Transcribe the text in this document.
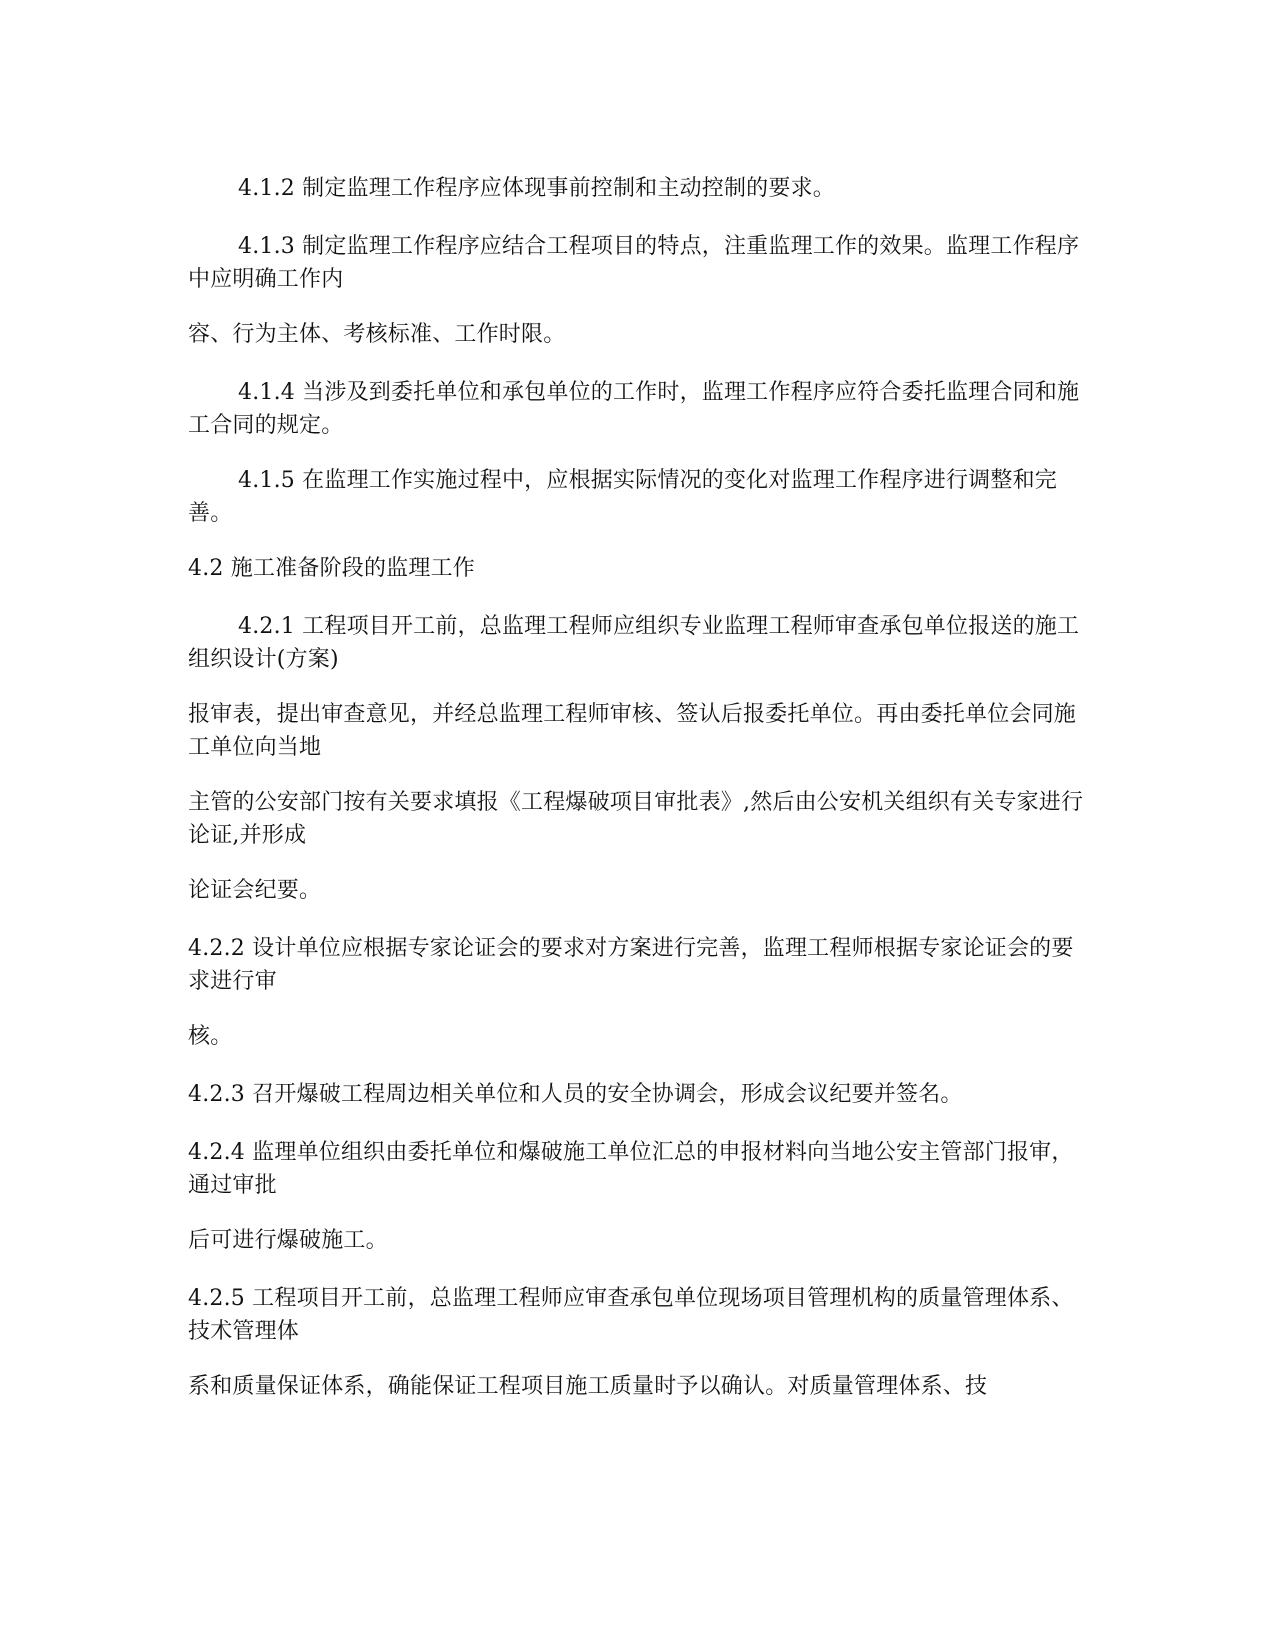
4.1.2 制定监理工作程序应体现事前控制和主动控制的要求。

4.1.3 制定监理工作程序应结合工程项目的特点，注重监理工作的效果。监理工作程序中应明确工作内

容、行为主体、考核标准、工作时限。

4.1.4 当涉及到委托单位和承包单位的工作时，监理工作程序应符合委托监理合同和施工合同的规定。

4.1.5 在监理工作实施过程中，应根据实际情况的变化对监理工作程序进行调整和完善。

4.2 施工准备阶段的监理工作

4.2.1 工程项目开工前，总监理工程师应组织专业监理工程师审查承包单位报送的施工组织设计(方案)

报审表，提出审查意见，并经总监理工程师审核、签认后报委托单位。再由委托单位会同施工单位向当地

主管的公安部门按有关要求填报《工程爆破项目审批表》,然后由公安机关组织有关专家进行论证,并形成

论证会纪要。

4.2.2 设计单位应根据专家论证会的要求对方案进行完善，监理工程师根据专家论证会的要求进行审

核。

4.2.3 召开爆破工程周边相关单位和人员的安全协调会，形成会议纪要并签名。

4.2.4 监理单位组织由委托单位和爆破施工单位汇总的申报材料向当地公安主管部门报审，通过审批

后可进行爆破施工。

4.2.5 工程项目开工前，总监理工程师应审查承包单位现场项目管理机构的质量管理体系、技术管理体

系和质量保证体系，确能保证工程项目施工质量时予以确认。对质量管理体系、技
